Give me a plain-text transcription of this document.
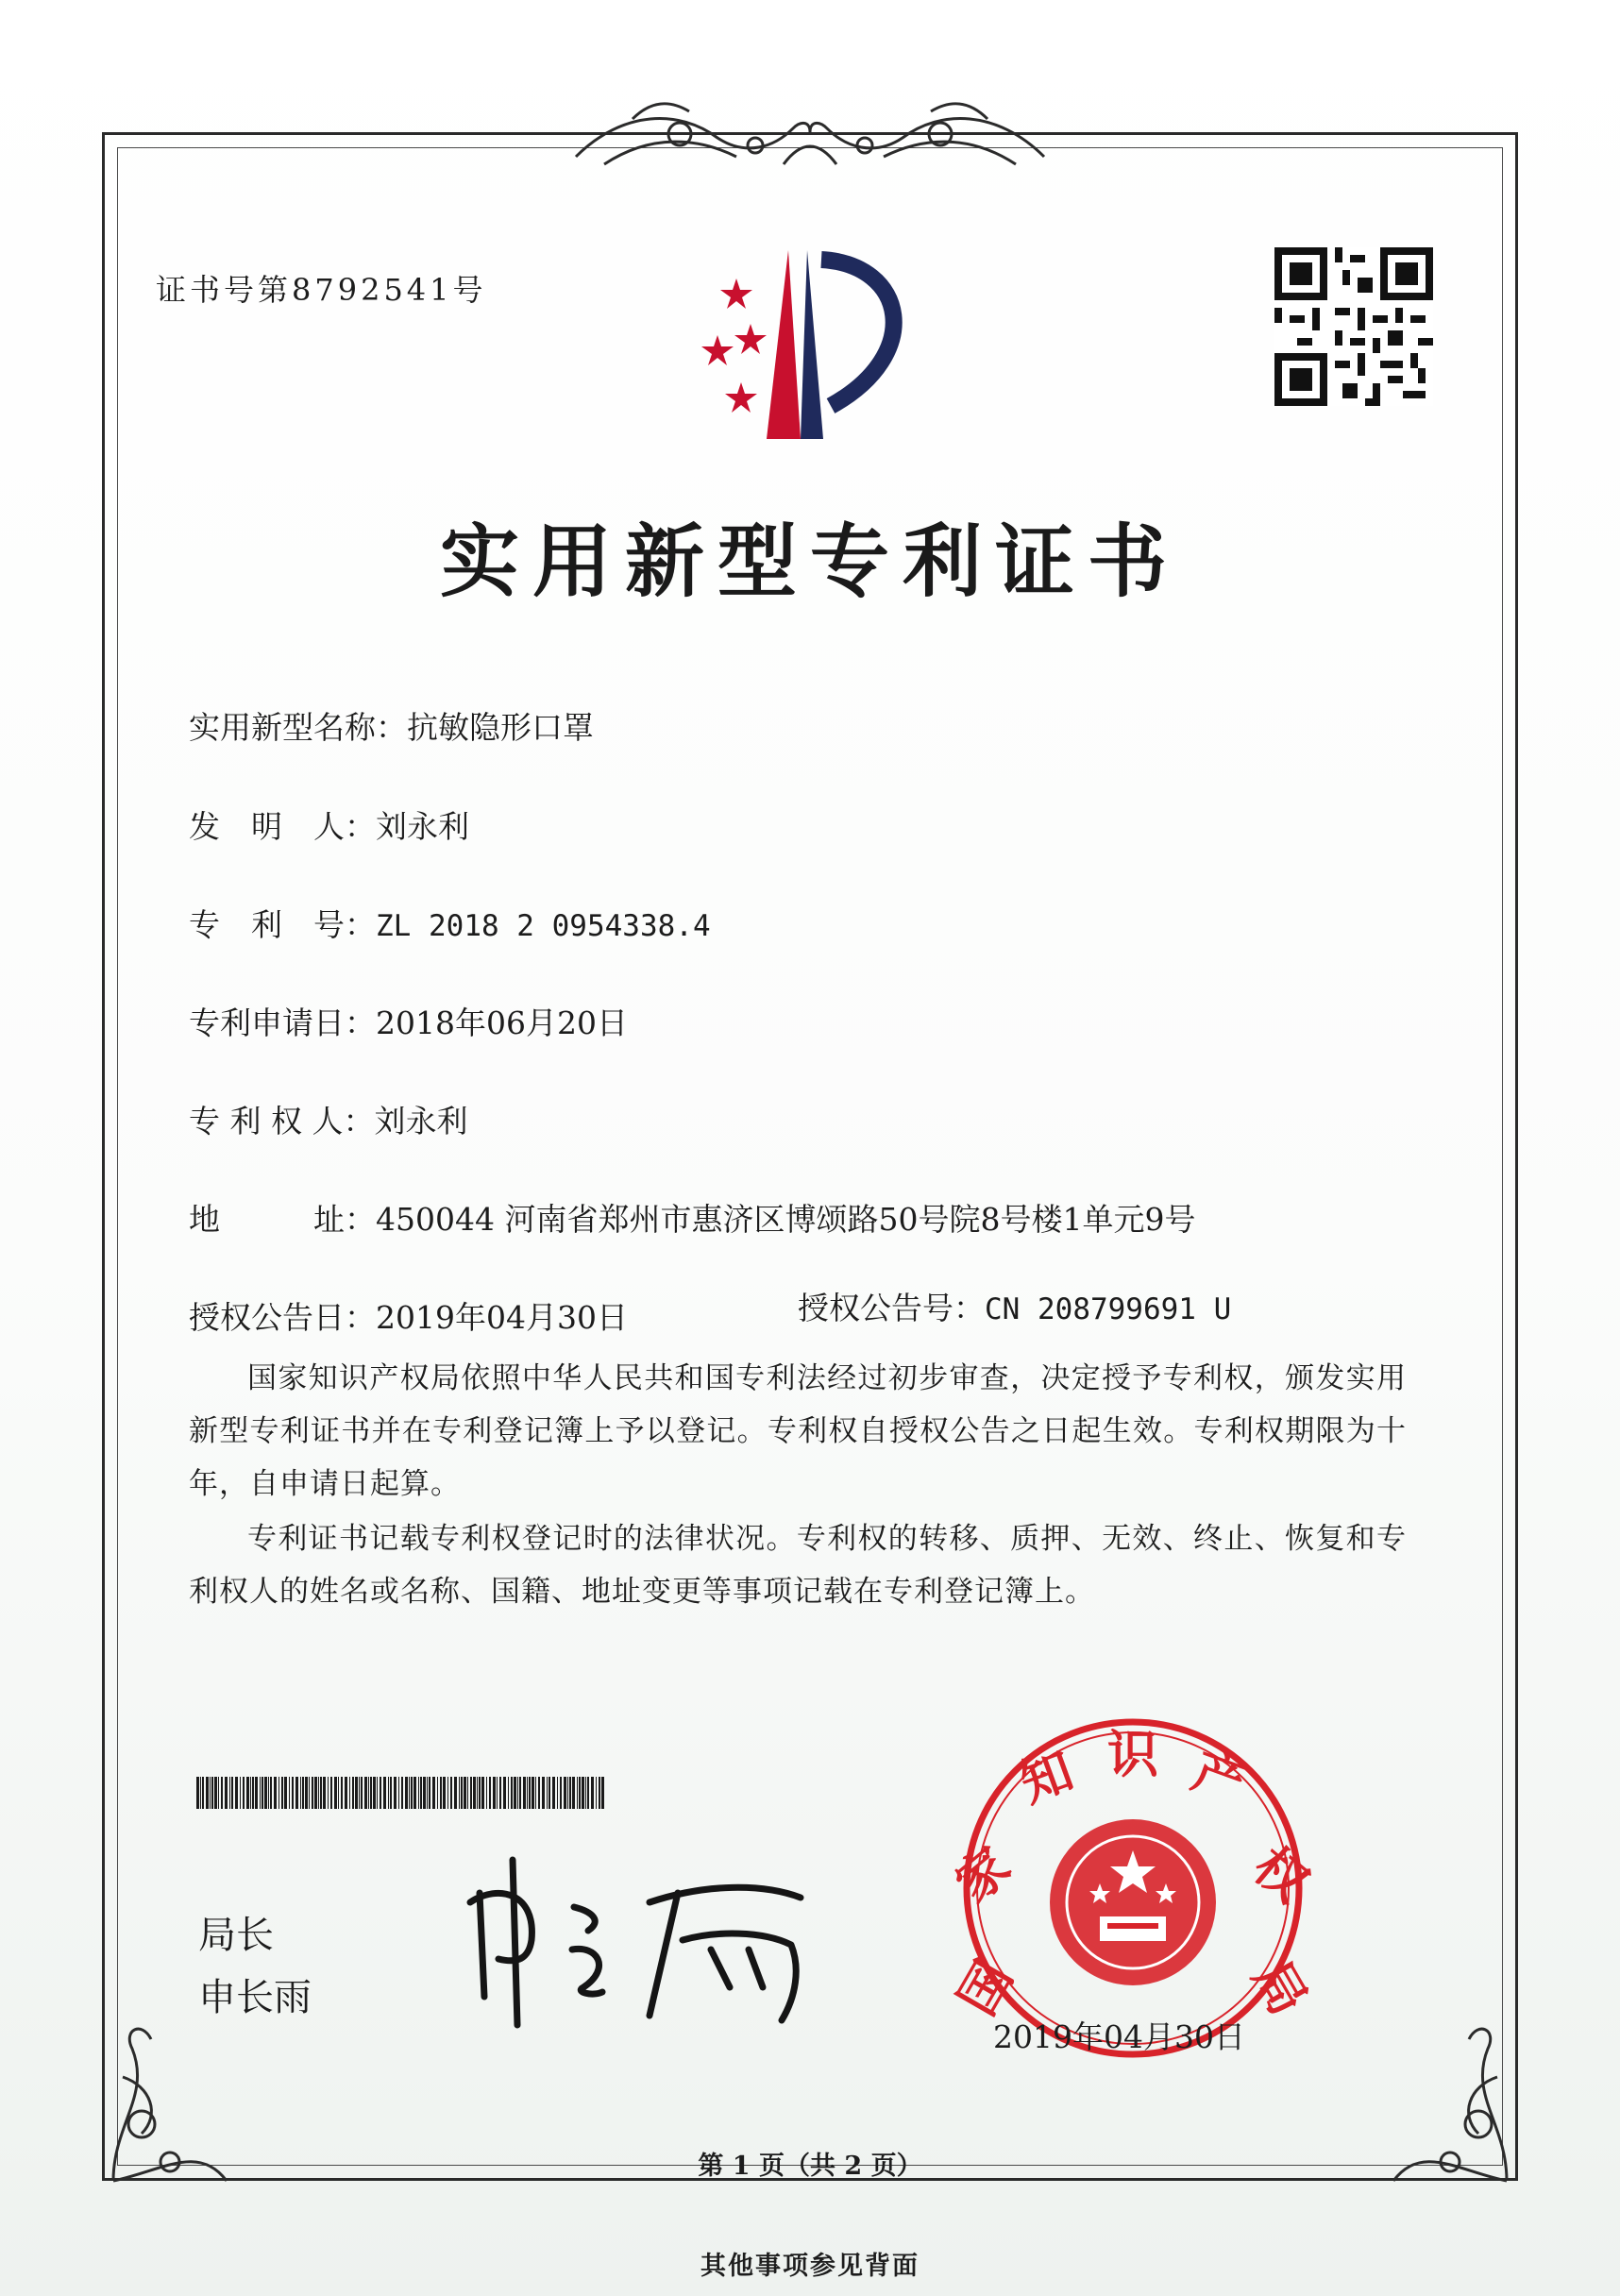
证书号第8792541号
实用新型专利证书
实用新型名称：抗敏隐形口罩
发　明　人：刘永利
专　利　号：ZL 2018 2 0954338.4
专利申请日：2018年06月20日
专 利 权 人：刘永利
地　　　址：450044 河南省郑州市惠济区博颂路50号院8号楼1单元9号
授权公告日：2019年04月30日	授权公告号：CN 208799691 U
国家知识产权局依照中华人民共和国专利法经过初步审查，决定授予专利权，颁发实用新型专利证书并在专利登记簿上予以登记。专利权自授权公告之日起生效。专利权期限为十年，自申请日起算。
专利证书记载专利权登记时的法律状况。专利权的转移、质押、无效、终止、恢复和专利权人的姓名或名称、国籍、地址变更等事项记载在专利登记簿上。
局长
申长雨	国
家
知 识 产
权
局
2019年04月30日
第 1 页（共 2 页）
其他事项参见背面
